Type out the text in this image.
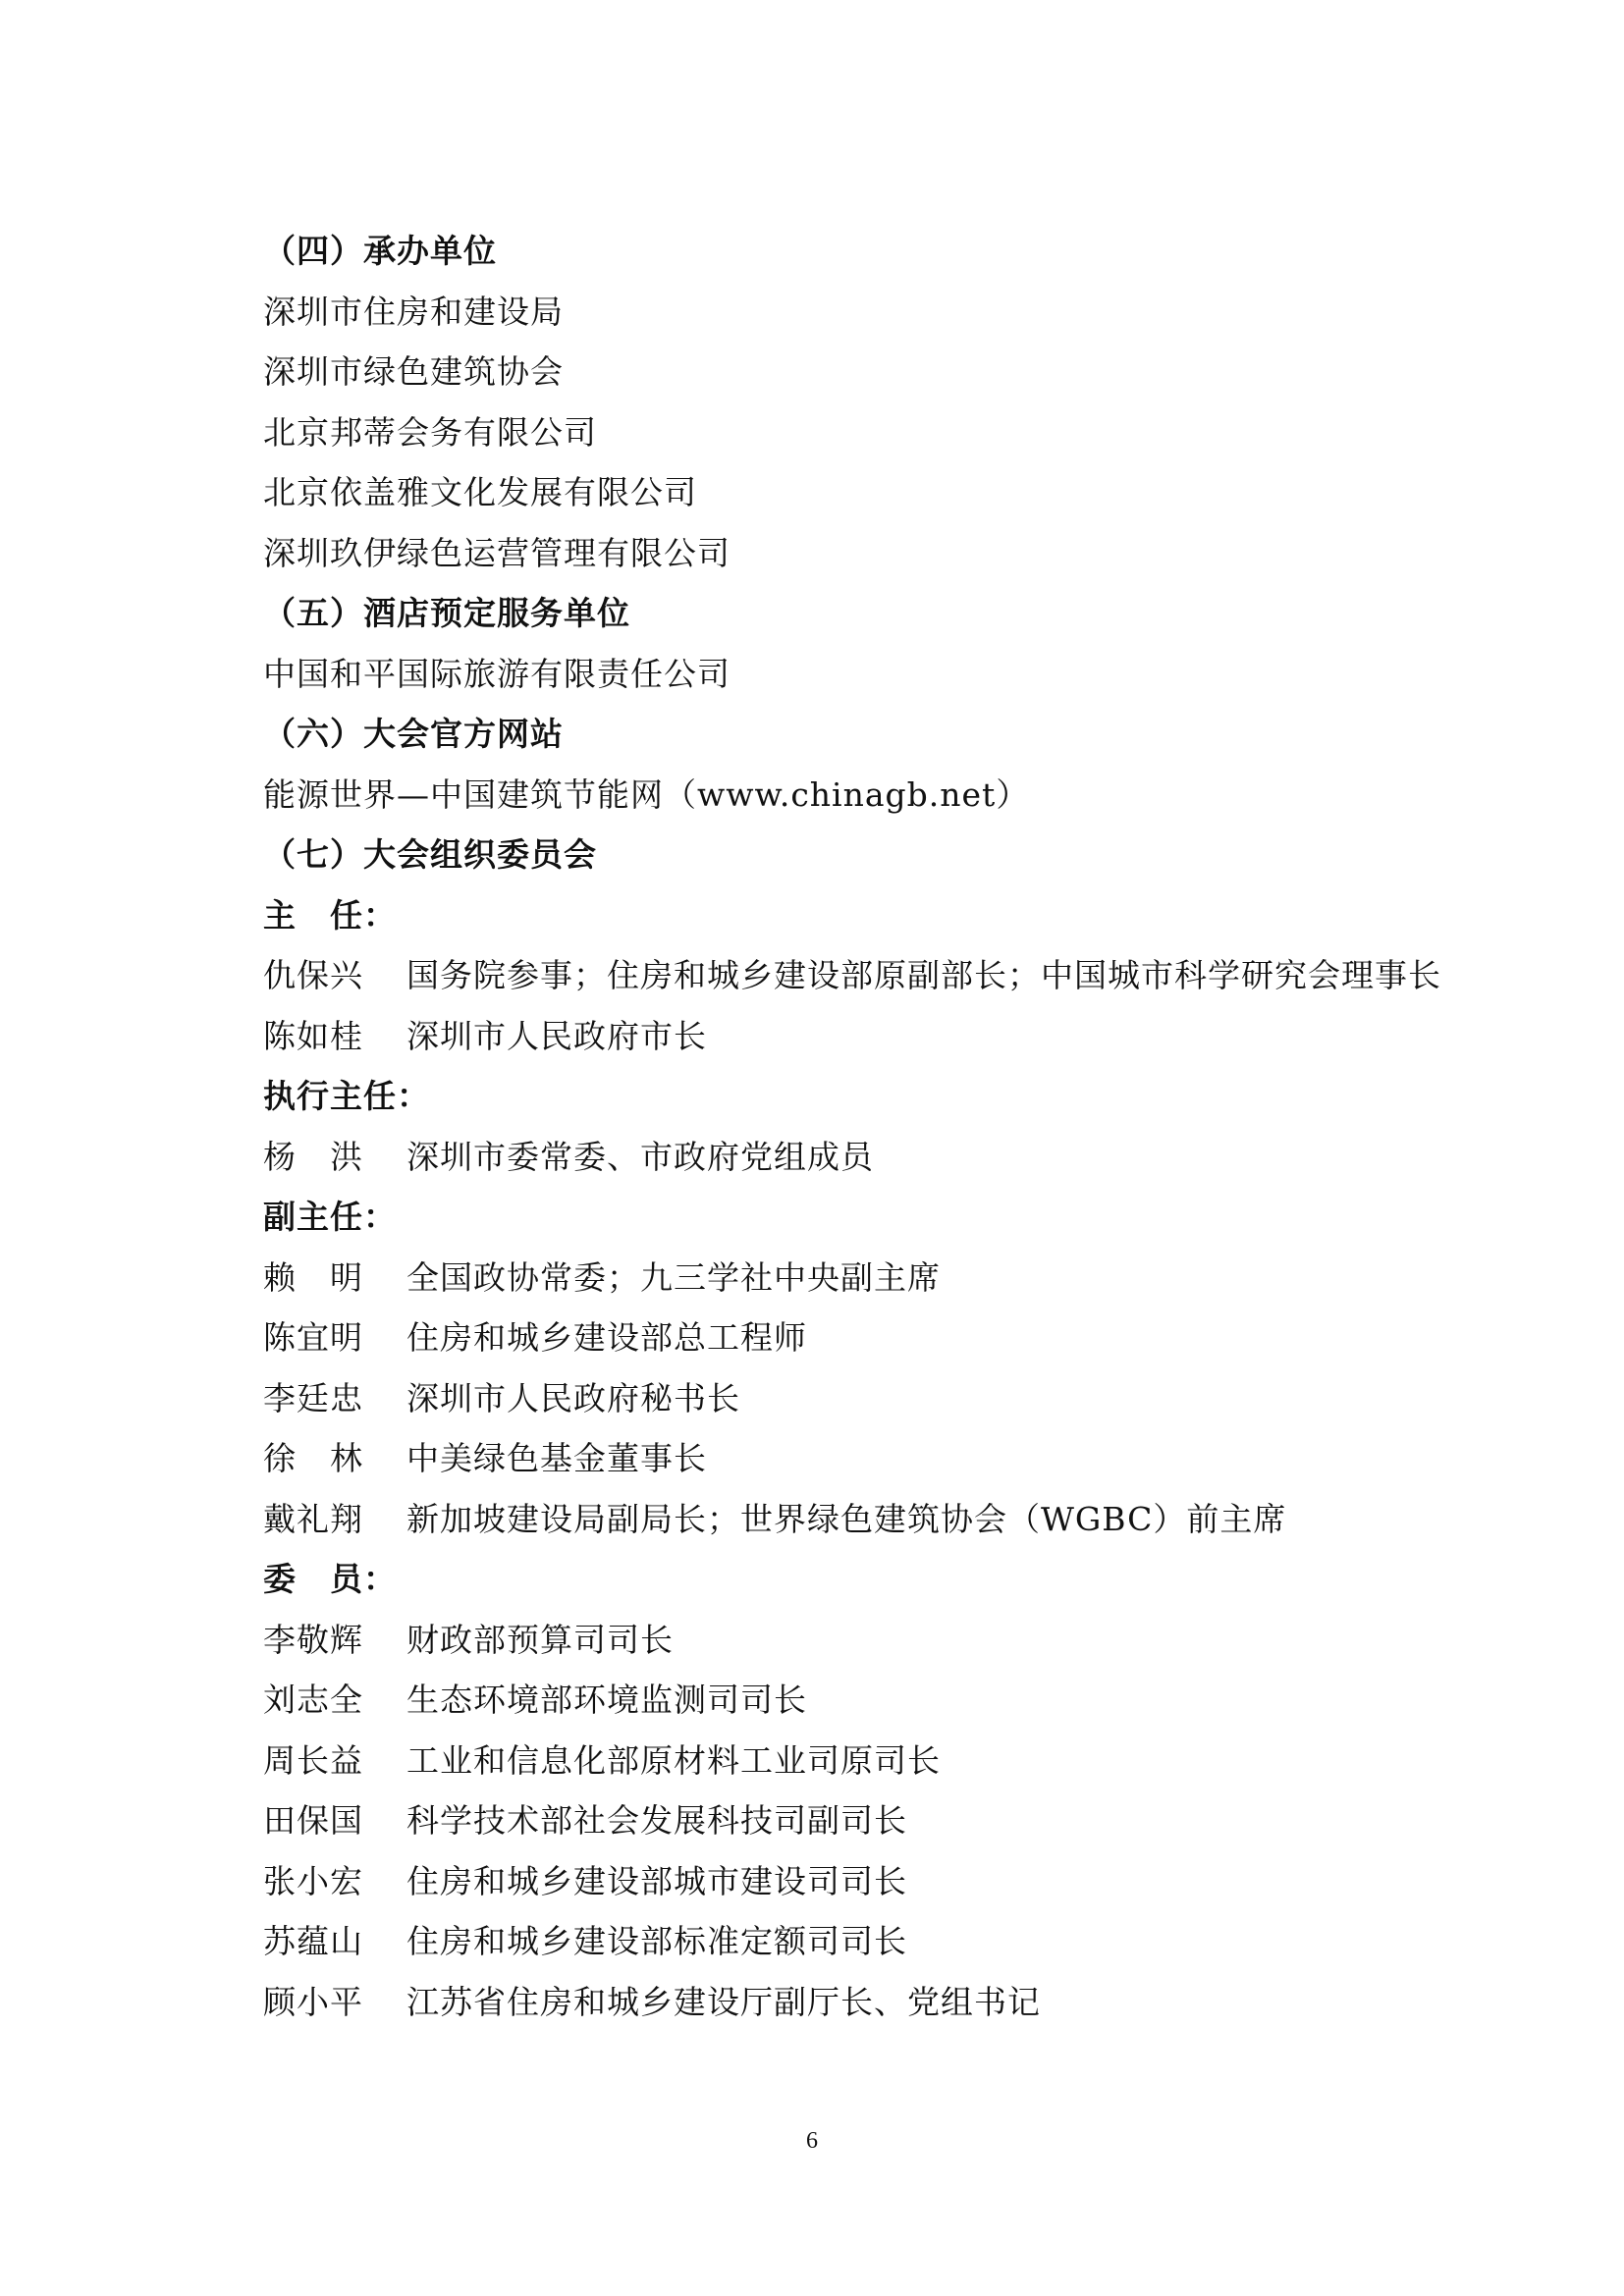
（四）承办单位
深圳市住房和建设局
深圳市绿色建筑协会
北京邦蒂会务有限公司
北京依盖雅文化发展有限公司
深圳玖伊绿色运营管理有限公司
（五）酒店预定服务单位
中国和平国际旅游有限责任公司
（六）大会官方网站
能源世界—中国建筑节能网（www.chinagb.net）
（七）大会组织委员会
主　任：
仇保兴	国务院参事；住房和城乡建设部原副部长；中国城市科学研究会理事长
陈如桂	深圳市人民政府市长
执行主任：
杨　洪	深圳市委常委、市政府党组成员
副主任：
赖　明	全国政协常委；九三学社中央副主席
陈宜明	住房和城乡建设部总工程师
李廷忠	深圳市人民政府秘书长
徐　林	中美绿色基金董事长
戴礼翔	新加坡建设局副局长；世界绿色建筑协会（WGBC）前主席
委　员：
李敬辉	财政部预算司司长
刘志全	生态环境部环境监测司司长
周长益	工业和信息化部原材料工业司原司长
田保国	科学技术部社会发展科技司副司长
张小宏	住房和城乡建设部城市建设司司长
苏蕴山	住房和城乡建设部标准定额司司长
顾小平	江苏省住房和城乡建设厅副厅长、党组书记
6
